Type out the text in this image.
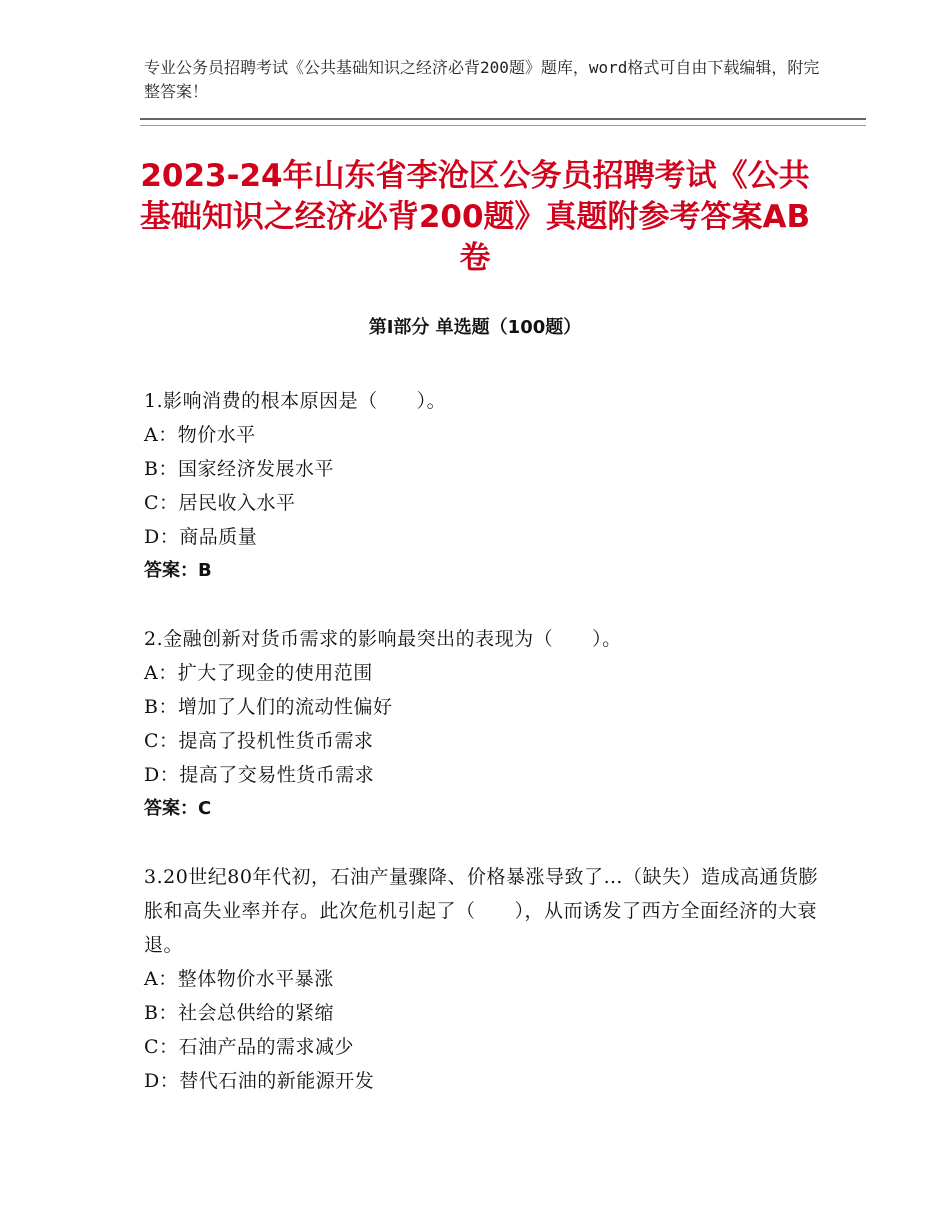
专业公务员招聘考试《公共基础知识之经济必背200题》题库，word格式可自由下载编辑，附完整答案！
2023-24年山东省李沧区公务员招聘考试《公共基础知识之经济必背200题》真题附参考答案AB卷
第Ⅰ部分 单选题（100题）
1.影响消费的根本原因是（　　）。
A：物价水平
B：国家经济发展水平
C：居民收入水平
D：商品质量
答案：B
2.金融创新对货币需求的影响最突出的表现为（　　）。
A：扩大了现金的使用范围
B：增加了人们的流动性偏好
C：提高了投机性货币需求
D：提高了交易性货币需求
答案：C
3.20世纪80年代初，石油产量骤降、价格暴涨导致了…（缺失）造成高通货膨胀和高失业率并存。此次危机引起了（　　），从而诱发了西方全面经济的大衰退。
A：整体物价水平暴涨
B：社会总供给的紧缩
C：石油产品的需求减少
D：替代石油的新能源开发
